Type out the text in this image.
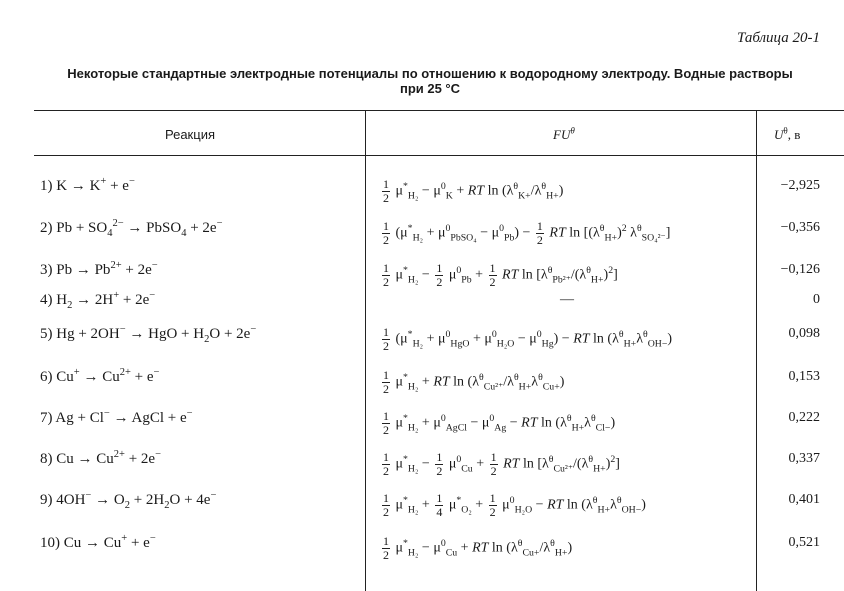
Таблица 20-1
Некоторые стандартные электродные потенциалы по отношению к водородному электроду. Водные растворы
при 25 °С
Реакция	$FU^\theta$	$U^\theta$, в
1) K → K+ + e−	$\frac{1}{2} \mu^*_{H_2} - \mu^0_K$ + RT $\ln (\lambda^\theta_{K+}/\lambda^\theta_{H+})$	−2,925
2) $Pb + SO_4^{2-}$ → PbSO$_4$ + 2e−	$\frac{1}{2} (\mu^*_{H_2} + \mu^0_{PbSO_4} - \mu^0_{Pb}) - \frac{1}{2}$ RT $\ln [(\lambda^\theta_{H+})^2$ $\lambda^\theta_{SO_4^{2-}}$]	−0,356
3) $Pb \to Pb^{2+} + 2e^-$	$\frac{1}{2} \mu^*_{H_2} - \frac{1}{2} \mu^0_{Pb} + \frac{1}{2}$ RT $\ln [\lambda^\theta_{Pb^{2+}}/(\lambda^\theta_{H+})^2]$	−0,126
4) $H_2 \to 2H^+ + 2e^-$	—	0
5) Hg + 2OH− → HgO + $H_2O + 2e^-$	$\frac{1}{2} (\mu^*_{H_2} + \mu^0_{HgO} + \mu^0_{H_2O} - \mu^0_{Hg})$ − RT $\ln (\lambda^\theta_{H+}\lambda^\theta_{OH-})$	0,098
6) $Cu^+ \to Cu^{2+} + e^-$	$\frac{1}{2} \mu^*_{H_2}$ + RT $\ln (\lambda^\theta_{Cu^{2+}}/\lambda^\theta_{H+}\lambda^\theta_{Cu+})$	0,153
7) Ag + Cl− → AgCl + e−	$\frac{1}{2} \mu^*_{H_2} + \mu^0_{AgCl} - \mu^0_{Ag}$ − RT $\ln (\lambda^\theta_{H+}\lambda^\theta_{Cl-})$	0,222
8) $Cu \to Cu^{2+} + 2e^-$	$\frac{1}{2} \mu^*_{H_2} - \frac{1}{2} \mu^0_{Cu} + \frac{1}{2}$ RT $\ln [\lambda^\theta_{Cu^{2+}}/(\lambda^\theta_{H+})^2]$	0,337
9) $4OH^- \to O_2 + 2H_2O + 4e^-$	$\frac{1}{2} \mu^*_{H_2} + \frac{1}{4} \mu^*_{O_2} + \frac{1}{2} \mu^0_{H_2O}$ − RT $\ln (\lambda^\theta_{H+}\lambda^\theta_{OH-})$	0,401
10) Cu → Cu+ + e−	$\frac{1}{2} \mu^*_{H_2} - \mu^0_{Cu}$ + RT $\ln (\lambda^\theta_{Cu+}/\lambda^\theta_{H+})$	0,521
